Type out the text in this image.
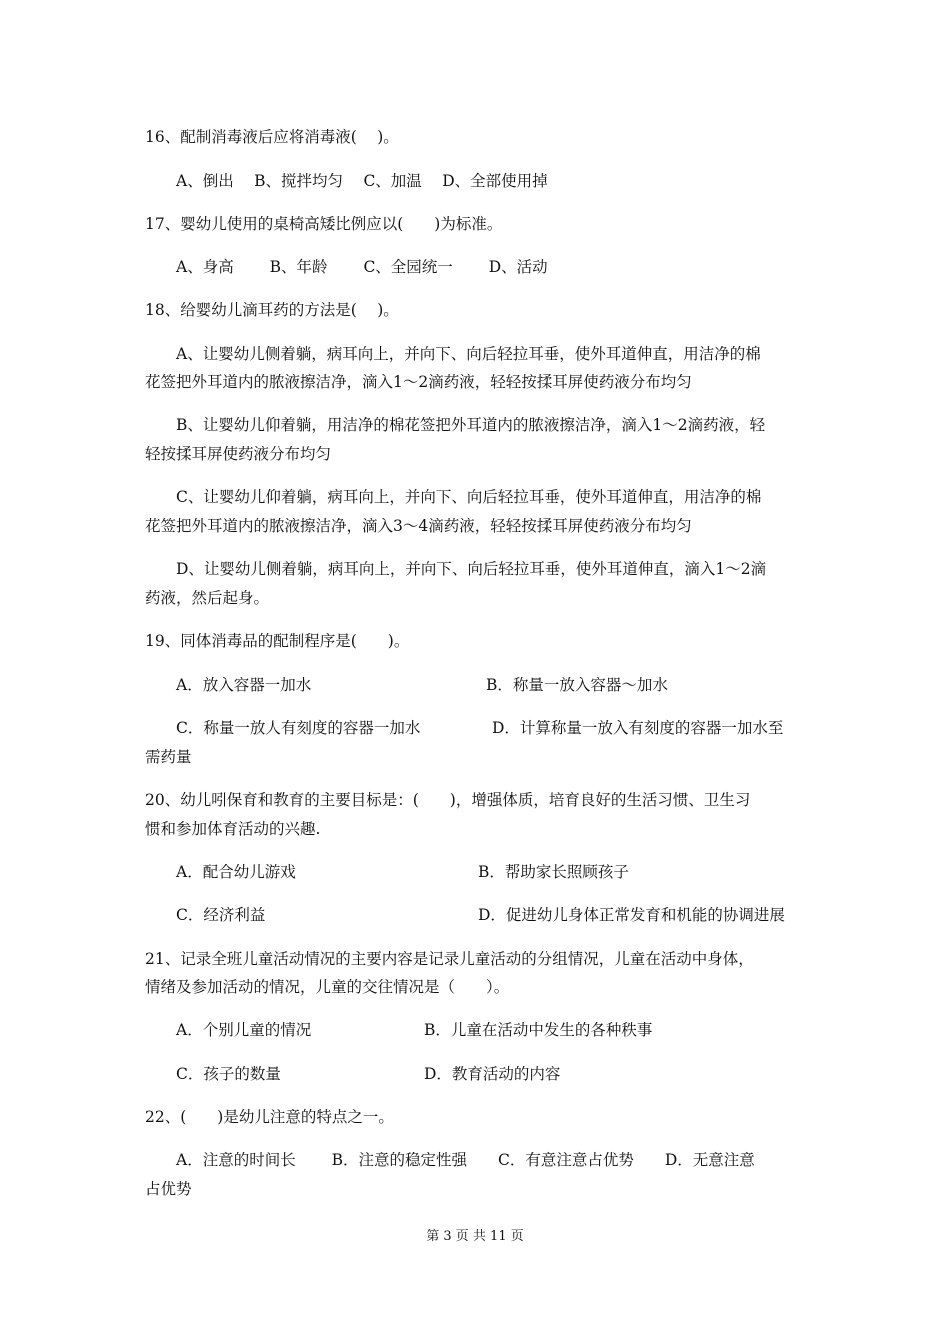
16、配制消毒液后应将消毒液(　 )。
A、倒出　 B、搅拌均匀　 C、加温　 D、全部使用掉
17、婴幼儿使用的桌椅高矮比例应以(　　)为标准。
A、身高　　 B、年龄　　 C、全园统一　　 D、活动
18、给婴幼儿滴耳药的方法是(　 )。
A、让婴幼儿侧着躺，病耳向上，并向下、向后轻拉耳垂，使外耳道伸直，用洁净的棉
花签把外耳道内的脓液擦洁净，滴入1～2滴药液，轻轻按揉耳屏使药液分布均匀
B、让婴幼儿仰着躺，用洁净的棉花签把外耳道内的脓液擦洁净，滴入1～2滴药液，轻
轻按揉耳屏使药液分布均匀
C、让婴幼儿仰着躺，病耳向上，并向下、向后轻拉耳垂，使外耳道伸直，用洁净的棉
花签把外耳道内的脓液擦洁净，滴入3～4滴药液，轻轻按揉耳屏使药液分布均匀
D、让婴幼儿侧着躺，病耳向上，并向下、向后轻拉耳垂，使外耳道伸直，滴入1～2滴
药液，然后起身。
19、同体消毒品的配制程序是(　　)。
A．放入容器一加水	B．称量一放入容器～加水
C．称量一放人有刻度的容器一加水	D．计算称量一放入有刻度的容器一加水至
需药量
20、幼儿吲保育和教育的主要目标是：(　　)，增强体质，培育良好的生活习惯、卫生习
惯和参加体育活动的兴趣.
A．配合幼儿游戏	B．帮助家长照顾孩子
C．经济利益	D．促进幼儿身体正常发育和机能的协调进展
21、记录全班儿童活动情况的主要内容是记录儿童活动的分组情况，儿童在活动中身体，
情绪及参加活动的情况，儿童的交往情况是（　　）。
A．个别儿童的情况	B．儿童在活动中发生的各种秩事
C．孩子的数量	D．教育活动的内容
22、(　　)是幼儿注意的特点之一。
A．注意的时间长　　 B．注意的稳定性强　　C．有意注意占优势　　D．无意注意
占优势
第 3 页 共 11 页
